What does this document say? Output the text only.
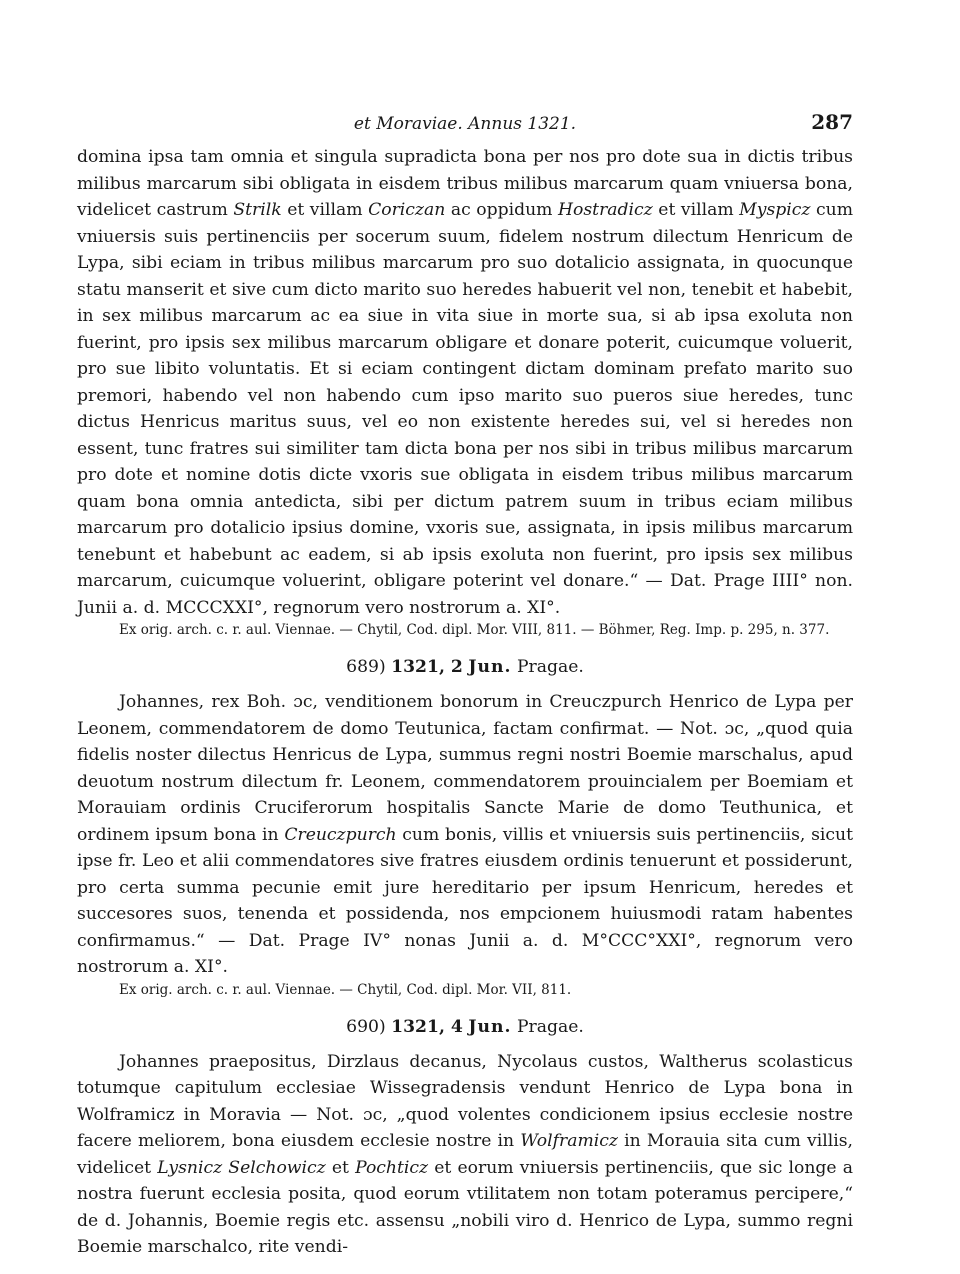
et Moraviae. Annus 1321.	287

domina ipsa tam omnia et singula supradicta bona per nos pro dote sua in dictis tribus milibus marcarum sibi obligata in eisdem tribus milibus marcarum quam vniuersa bona, videlicet castrum Strilk et villam Coriczan ac oppidum Hostradicz et villam Myspicz cum vniuersis suis pertinenciis per socerum suum, fidelem nostrum dilectum Henricum de Lypa, sibi eciam in tribus milibus marcarum pro suo dotalicio assignata, in quocunque statu manserit et sive cum dicto marito suo heredes habuerit vel non, tenebit et habebit, in sex milibus marcarum ac ea siue in vita siue in morte sua, si ab ipsa exoluta non fuerint, pro ipsis sex milibus marcarum obligare et donare poterit, cuicumque voluerit, pro sue libito voluntatis. Et si eciam contingent dictam dominam prefato marito suo premori, habendo vel non habendo cum ipso marito suo pueros siue heredes, tunc dictus Henricus maritus suus, vel eo non existente heredes sui, vel si heredes non essent, tunc fratres sui similiter tam dicta bona per nos sibi in tribus milibus marcarum pro dote et nomine dotis dicte vxoris sue obligata in eisdem tribus milibus marcarum quam bona omnia antedicta, sibi per dictum patrem suum in tribus eciam milibus marcarum pro dotalicio ipsius domine, vxoris sue, assignata, in ipsis milibus marcarum tenebunt et habebunt ac eadem, si ab ipsis exoluta non fuerint, pro ipsis sex milibus marcarum, cuicumque voluerint, obligare poterint vel donare.“ — Dat. Prage IIII° non. Junii a. d. MCCCXXI°, regnorum vero nostrorum a. XI°.

Ex orig. arch. c. r. aul. Viennae. — Chytil, Cod. dipl. Mor. VIII, 811. — Böhmer, Reg. Imp. p. 295, n. 377.

689) 1321, 2 Jun. Pragae.

Johannes, rex Boh. ɔc, venditionem bonorum in Creuczpurch Henrico de Lypa per Leonem, commendatorem de domo Teutunica, factam confirmat. — Not. ɔc, „quod quia fidelis noster dilectus Henricus de Lypa, summus regni nostri Boemie marschalus, apud deuotum nostrum dilectum fr. Leonem, commendatorem prouincialem per Boemiam et Morauiam ordinis Cruciferorum hospitalis Sancte Marie de domo Teuthunica, et ordinem ipsum bona in Creuczpurch cum bonis, villis et vniuersis suis pertinenciis, sicut ipse fr. Leo et alii commendatores sive fratres eiusdem ordinis tenuerunt et possiderunt, pro certa summa pecunie emit jure hereditario per ipsum Henricum, heredes et succesores suos, tenenda et possidenda, nos empcionem huiusmodi ratam habentes confirmamus.“ — Dat. Prage IV° nonas Junii a. d. M°CCC°XXI°, regnorum vero nostrorum a. XI°.

Ex orig. arch. c. r. aul. Viennae. — Chytil, Cod. dipl. Mor. VII, 811.

690) 1321, 4 Jun. Pragae.

Johannes praepositus, Dirzlaus decanus, Nycolaus custos, Waltherus scolasticus totumque capitulum ecclesiae Wissegradensis vendunt Henrico de Lypa bona in Wolframicz in Moravia — Not. ɔc, „quod volentes condicionem ipsius ecclesie nostre facere meliorem, bona eiusdem ecclesie nostre in Wolframicz in Morauia sita cum villis, videlicet Lysnicz Selchowicz et Pochticz et eorum vniuersis pertinenciis, que sic longe a nostra fuerunt ecclesia posita, quod eorum vtilitatem non totam poteramus percipere,“ de d. Johannis, Boemie regis etc. assensu „nobili viro d. Henrico de Lypa, summo regni Boemie marschalco, rite vendi-
